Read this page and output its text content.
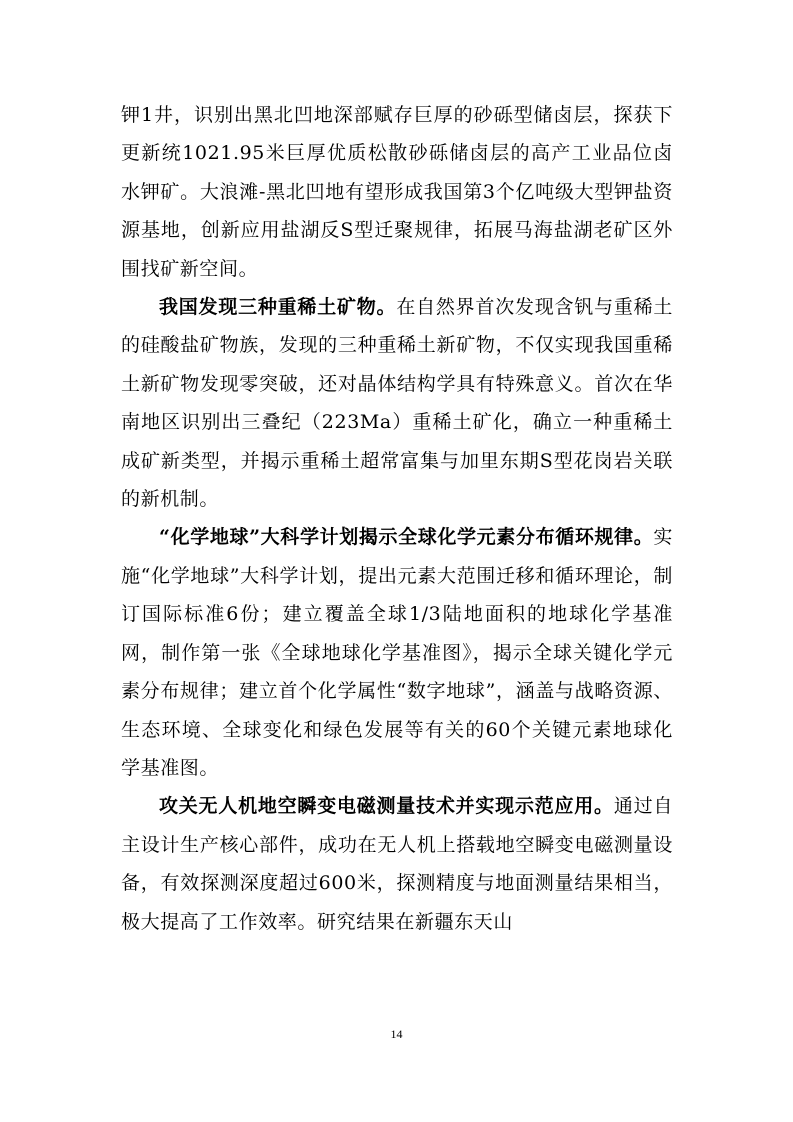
钾1井，识别出黑北凹地深部赋存巨厚的砂砾型储卤层，探获下更新统1021.95米巨厚优质松散砂砾储卤层的高产工业品位卤水钾矿。大浪滩-黑北凹地有望形成我国第3个亿吨级大型钾盐资源基地，创新应用盐湖反S型迁聚规律，拓展马海盐湖老矿区外围找矿新空间。

我国发现三种重稀土矿物。在自然界首次发现含钒与重稀土的硅酸盐矿物族，发现的三种重稀土新矿物，不仅实现我国重稀土新矿物发现零突破，还对晶体结构学具有特殊意义。首次在华南地区识别出三叠纪（223Ma）重稀土矿化，确立一种重稀土成矿新类型，并揭示重稀土超常富集与加里东期S型花岗岩关联的新机制。

“化学地球”大科学计划揭示全球化学元素分布循环规律。实施“化学地球”大科学计划，提出元素大范围迁移和循环理论，制订国际标准6份；建立覆盖全球1/3陆地面积的地球化学基准网，制作第一张《全球地球化学基准图》，揭示全球关键化学元素分布规律；建立首个化学属性“数字地球”，涵盖与战略资源、生态环境、全球变化和绿色发展等有关的60个关键元素地球化学基准图。

攻关无人机地空瞬变电磁测量技术并实现示范应用。通过自主设计生产核心部件，成功在无人机上搭载地空瞬变电磁测量设备，有效探测深度超过600米，探测精度与地面测量结果相当，极大提高了工作效率。研究结果在新疆东天山

14
